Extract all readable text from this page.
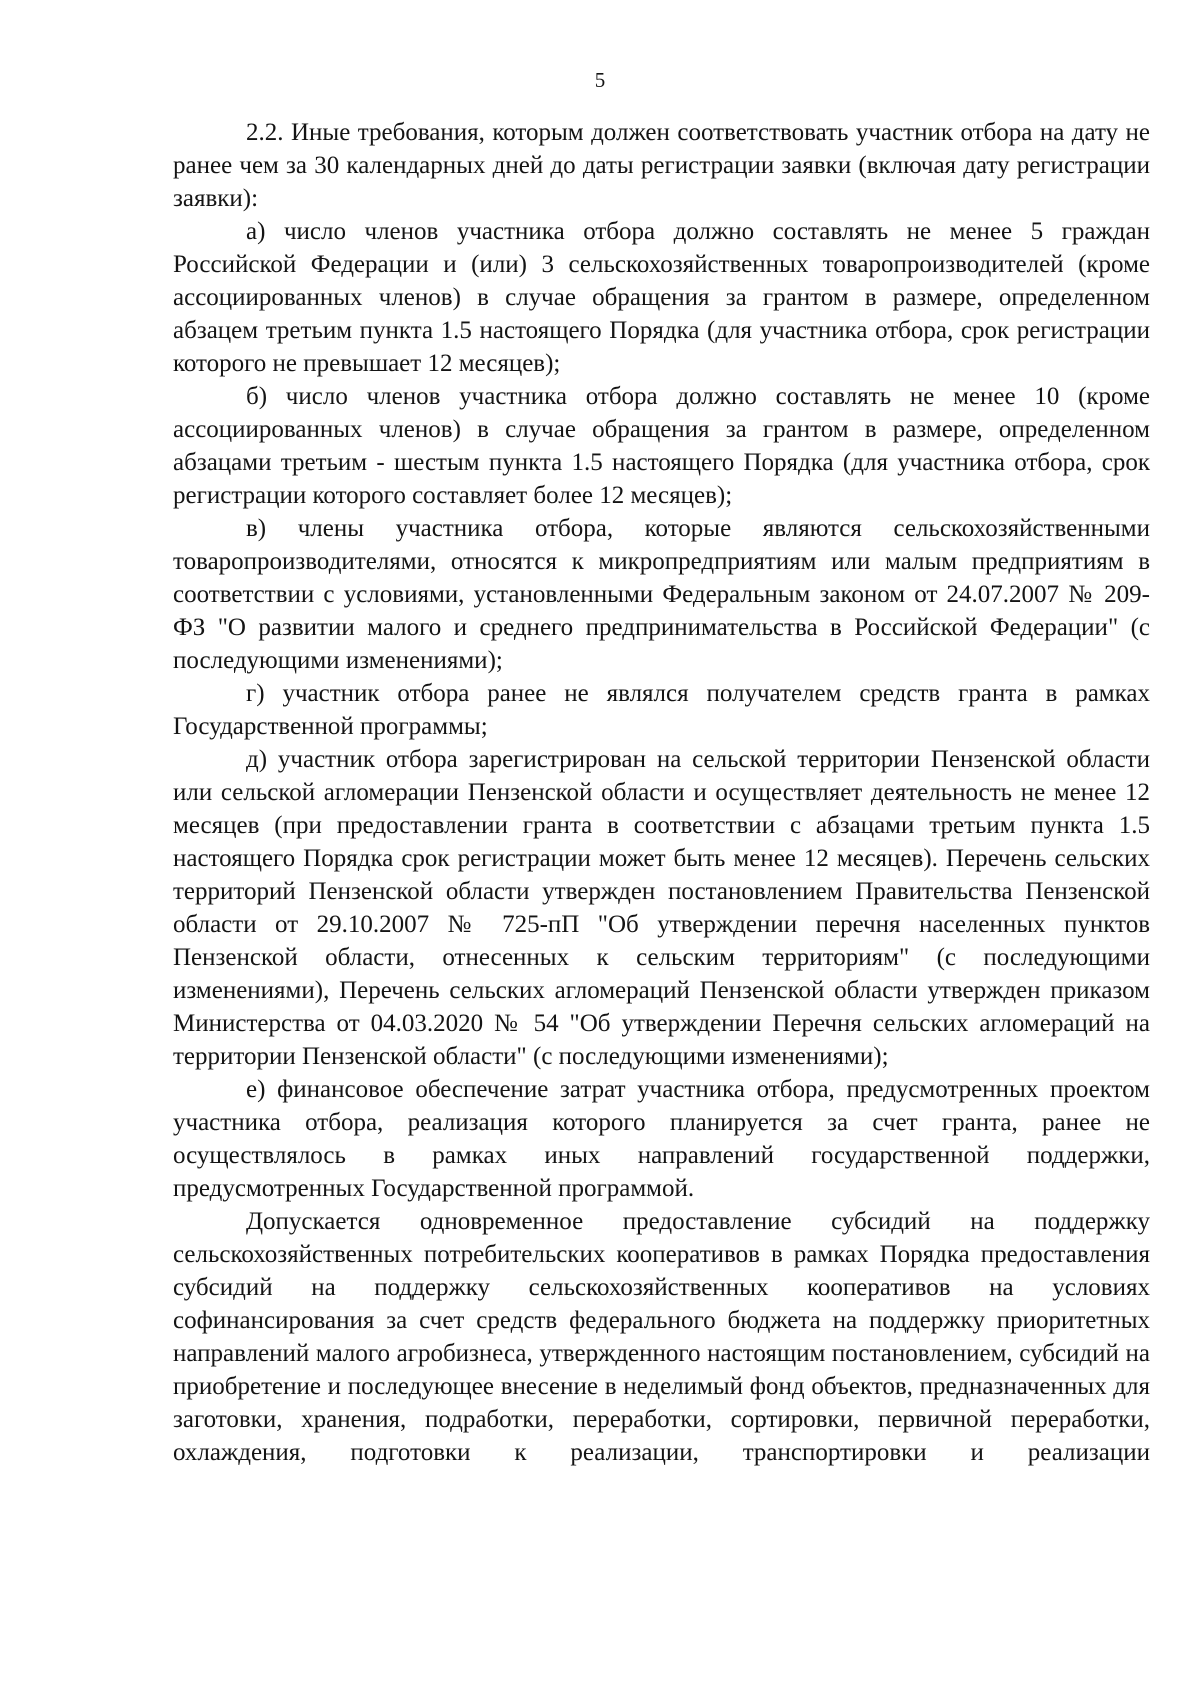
5

2.2. Иные требования, которым должен соответствовать участник отбора на дату не ранее чем за 30 календарных дней до даты регистрации заявки (включая дату регистрации заявки):

а) число членов участника отбора должно составлять не менее 5 граждан Российской Федерации и (или) 3 сельскохозяйственных товаропроизводителей (кроме ассоциированных членов) в случае обращения за грантом в размере, определенном абзацем третьим пункта 1.5 настоящего Порядка (для участника отбора, срок регистрации которого не превышает 12 месяцев);

б) число членов участника отбора должно составлять не менее 10 (кроме ассоциированных членов) в случае обращения за грантом в размере, определенном абзацами третьим - шестым пункта 1.5 настоящего Порядка (для участника отбора, срок регистрации которого составляет более 12 месяцев);

в) члены участника отбора, которые являются сельскохозяйственными товаропроизводителями, относятся к микропредприятиям или малым предприятиям в соответствии с условиями, установленными Федеральным законом от 24.07.2007 № 209-ФЗ "О развитии малого и среднего предпринимательства в Российской Федерации" (с последующими изменениями);

г) участник отбора ранее не являлся получателем средств гранта в рамках Государственной программы;

д) участник отбора зарегистрирован на сельской территории Пензенской области или сельской агломерации Пензенской области и осуществляет деятельность не менее 12 месяцев (при предоставлении гранта в соответствии с абзацами третьим пункта 1.5 настоящего Порядка срок регистрации может быть менее 12 месяцев). Перечень сельских территорий Пензенской области утвержден постановлением Правительства Пензенской области от 29.10.2007 № 725-пП "Об утверждении перечня населенных пунктов Пензенской области, отнесенных к сельским территориям" (с последующими изменениями), Перечень сельских агломераций Пензенской области утвержден приказом Министерства от 04.03.2020 № 54 "Об утверждении Перечня сельских агломераций на территории Пензенской области" (с последующими изменениями);

е) финансовое обеспечение затрат участника отбора, предусмотренных проектом участника отбора, реализация которого планируется за счет гранта, ранее не осуществлялось в рамках иных направлений государственной поддержки, предусмотренных Государственной программой.

Допускается одновременное предоставление субсидий на поддержку сельскохозяйственных потребительских кооперативов в рамках Порядка предоставления субсидий на поддержку сельскохозяйственных кооперативов на условиях софинансирования за счет средств федерального бюджета на поддержку приоритетных направлений малого агробизнеса, утвержденного настоящим постановлением, субсидий на приобретение и последующее внесение в неделимый фонд объектов, предназначенных для заготовки, хранения, подработки, переработки, сортировки, первичной переработки, охлаждения, подготовки к реализации, транспортировки и реализации
